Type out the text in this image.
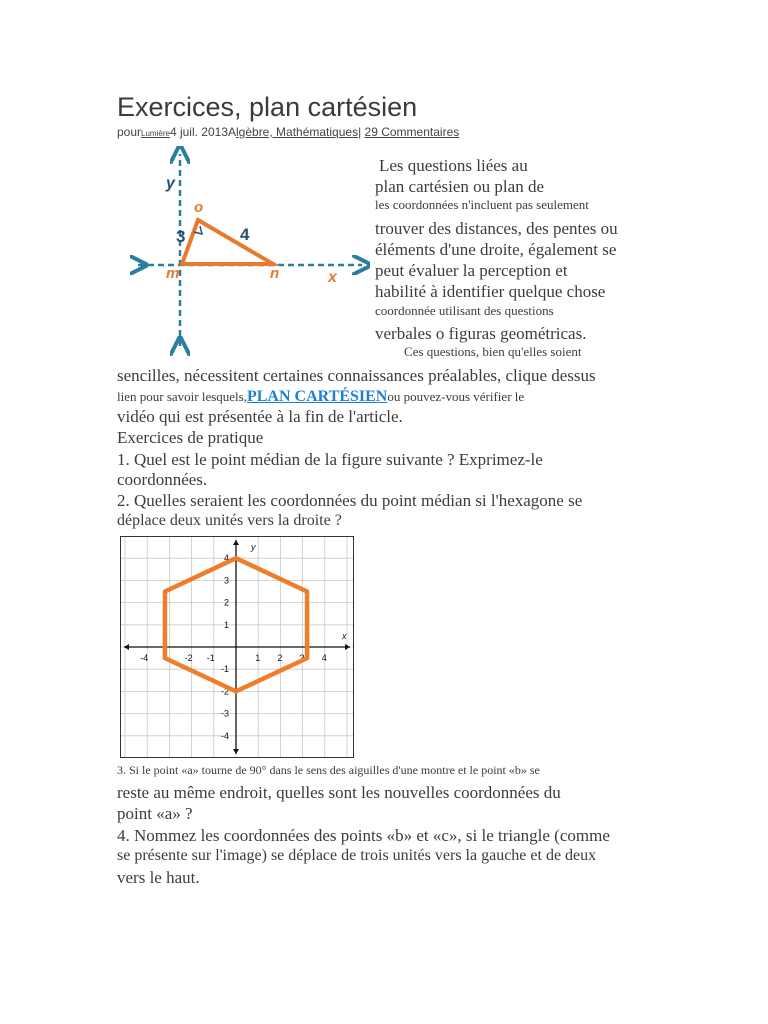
Exercices, plan cartésien
pourLumière4 juil. 2013Algèbre, Mathématiques| 29 Commentaires
y
x
o
m	n
3	4
Les questions liées au
plan cartésien ou plan de
les coordonnées n'incluent pas seulement
trouver des distances, des pentes ou
éléments d'une droite, également se
peut évaluer la perception et
habilité à identifier quelque chose
coordonnée utilisant des questions
verbales o figuras geométricas.
Ces questions, bien qu'elles soient
sencilles, nécessitent certaines connaissances préalables, clique dessus
lien pour savoir lesquels,PLAN CARTÉSIENou pouvez-vous vérifier le
vidéo qui est présentée à la fin de l'article.
Exercices de pratique
1. Quel est le point médian de la figure suivante ? Exprimez-le
coordonnées.
2. Quelles seraient les coordonnées du point médian si l'hexagone se
déplace deux unités vers la droite ?
x
y
-4	-2 -1	1 2 3 4
4
3
2
1
-1
-2
-3
-4
3. Si le point «a» tourne de 90° dans le sens des aiguilles d'une montre et le point «b» se
reste au même endroit, quelles sont les nouvelles coordonnées du
point «a» ?
4. Nommez les coordonnées des points «b» et «c», si le triangle (comme
se présente sur l'image) se déplace de trois unités vers la gauche et de deux
vers le haut.
